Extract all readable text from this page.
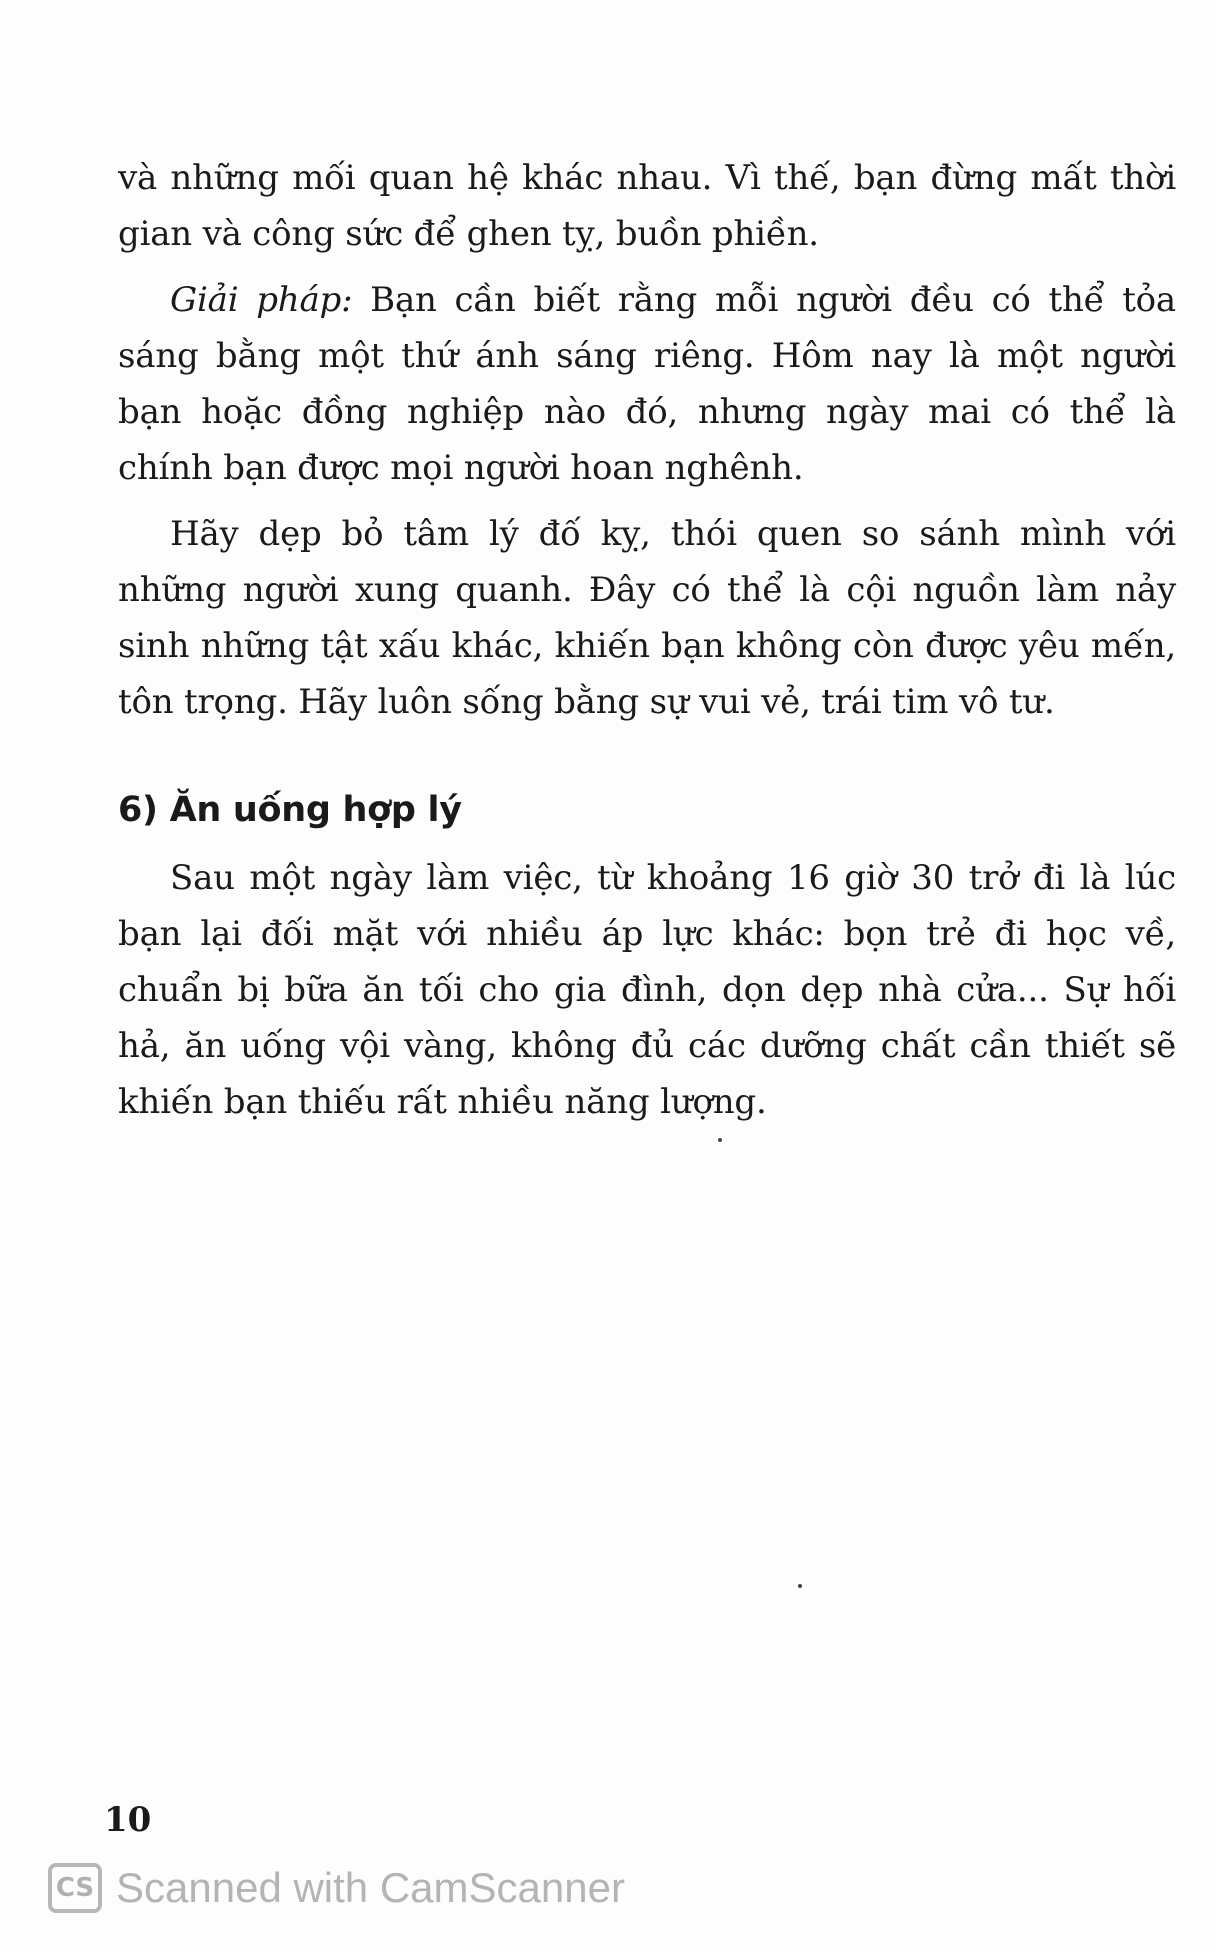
và những mối quan hệ khác nhau. Vì thế, bạn đừng mất thời gian và công sức để ghen tỵ, buồn phiền.

Giải pháp: Bạn cần biết rằng mỗi người đều có thể tỏa sáng bằng một thứ ánh sáng riêng. Hôm nay là một người bạn hoặc đồng nghiệp nào đó, nhưng ngày mai có thể là chính bạn được mọi người hoan nghênh.

Hãy dẹp bỏ tâm lý đố kỵ, thói quen so sánh mình với những người xung quanh. Đây có thể là cội nguồn làm nảy sinh những tật xấu khác, khiến bạn không còn được yêu mến, tôn trọng. Hãy luôn sống bằng sự vui vẻ, trái tim vô tư.

6) Ăn uống hợp lý

Sau một ngày làm việc, từ khoảng 16 giờ 30 trở đi là lúc bạn lại đối mặt với nhiều áp lực khác: bọn trẻ đi học về, chuẩn bị bữa ăn tối cho gia đình, dọn dẹp nhà cửa... Sự hối hả, ăn uống vội vàng, không đủ các dưỡng chất cần thiết sẽ khiến bạn thiếu rất nhiều năng lượng.

10
CS Scanned with CamScanner
